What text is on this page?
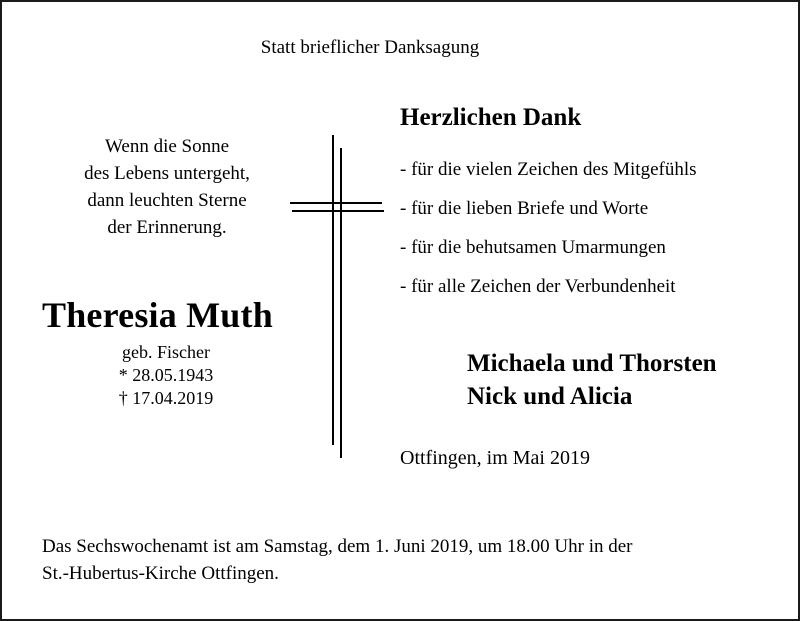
Statt brieflicher Danksagung
Wenn die Sonne
des Lebens untergeht,
dann leuchten Sterne
der Erinnerung.
Theresia Muth
geb. Fischer
* 28.05.1943
† 17.04.2019
Herzlichen Dank
- für die vielen Zeichen des Mitgefühls
- für die lieben Briefe und Worte
- für die behutsamen Umarmungen
- für alle Zeichen der Verbundenheit
Michaela und Thorsten
Nick und Alicia
Ottfingen, im Mai 2019
Das Sechswochenamt ist am Samstag, dem 1. Juni 2019, um 18.00 Uhr in der
St.-Hubertus-Kirche Ottfingen.
